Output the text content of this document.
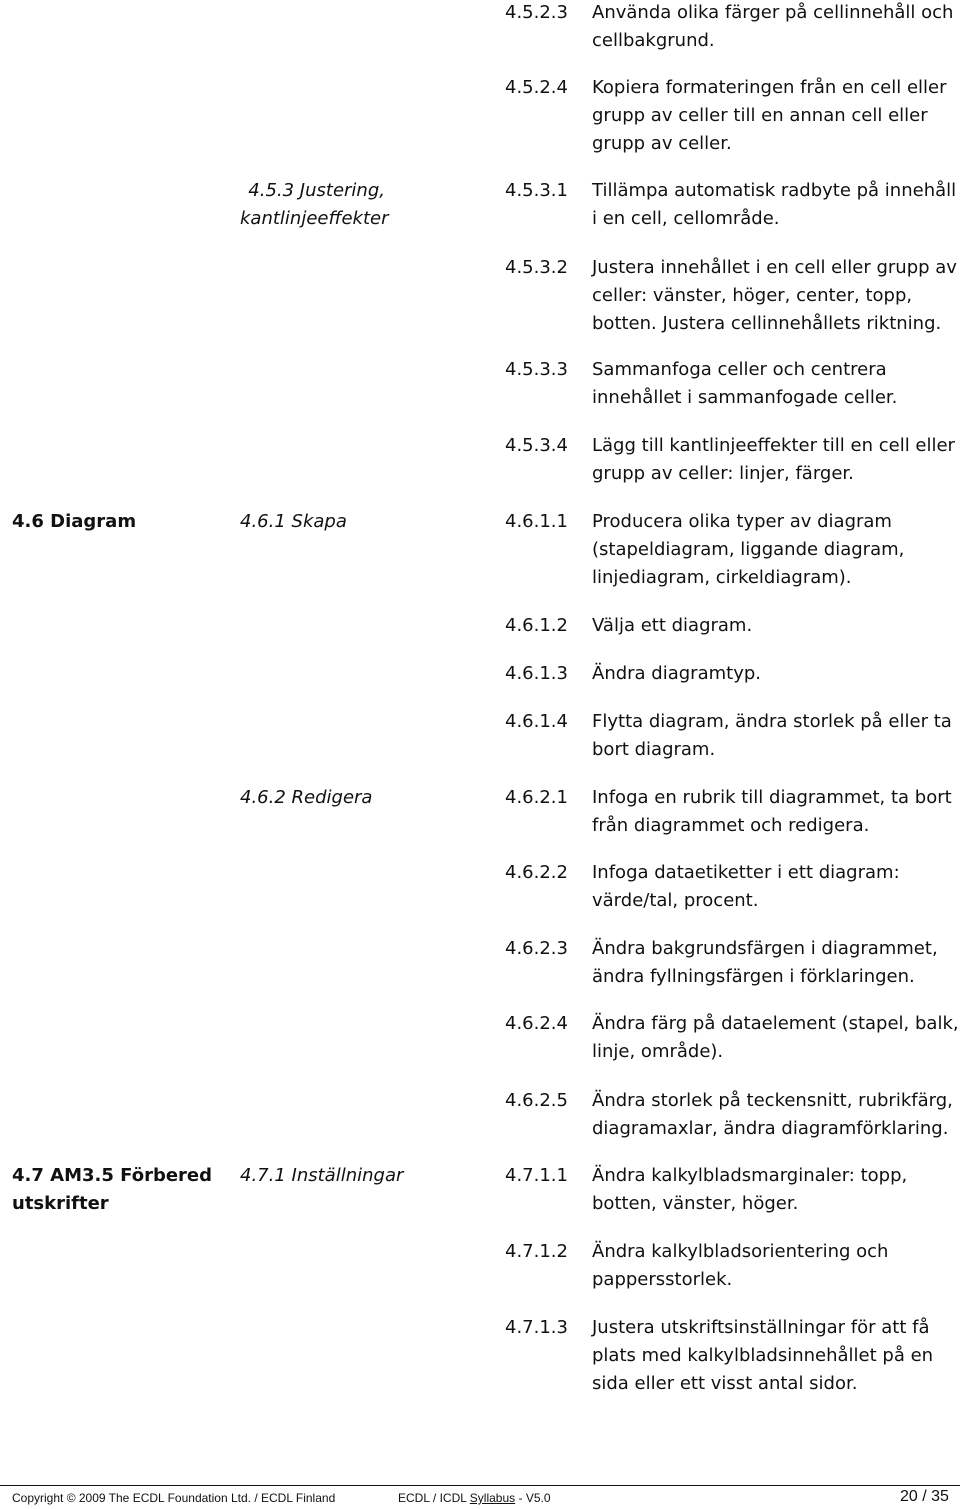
4.5.3 Justering, kantlinjeeffekter

4.6 Diagram

4.7 AM3.5 Förbered utskrifter

4.6.1 Skapa

4.6.2 Redigera

4.7.1 Inställningar

4.5.2.3 Använda olika färger på cellinnehåll och cellbakgrund.

4.5.2.4 Kopiera formateringen från en cell eller grupp av celler till en annan cell eller grupp av celler.

4.5.3.1 Tillämpa automatisk radbyte på innehåll i en cell, cellområde.

4.5.3.2 Justera innehållet i en cell eller grupp av celler: vänster, höger, center, topp, botten. Justera cellinnehållets riktning.

4.5.3.3 Sammanfoga celler och centrera innehållet i sammanfogade celler.

4.5.3.4 Lägg till kantlinjeeffekter till en cell eller grupp av celler: linjer, färger.

4.6.1.1 Producera olika typer av diagram (stapeldiagram, liggande diagram, linjediagram, cirkeldiagram).

4.6.1.2 Välja ett diagram.

4.6.1.3 Ändra diagramtyp.

4.6.1.4 Flytta diagram, ändra storlek på eller ta bort diagram.

4.6.2.1 Infoga en rubrik till diagrammet, ta bort från diagrammet och redigera.

4.6.2.2 Infoga dataetiketter i ett diagram: värde/tal, procent.

4.6.2.3 Ändra bakgrundsfärgen i diagrammet, ändra fyllningsfärgen i förklaringen.

4.6.2.4 Ändra färg på dataelement (stapel, balk, linje, område).

4.6.2.5 Ändra storlek på teckensnitt, rubrikfärg, diagramaxlar, ändra diagramförklaring.

4.7.1.1 Ändra kalkylbladsmarginaler: topp, botten, vänster, höger.

4.7.1.2 Ändra kalkylbladsorientering och pappersstorlek.

4.7.1.3 Justera utskriftsinställningar för att få plats med kalkylbladsinnehållet på en sida eller ett visst antal sidor.

Copyright © 2009 The ECDL Foundation Ltd. / ECDL Finland	ECDL / ICDL Syllabus - V5.0	20 / 35
